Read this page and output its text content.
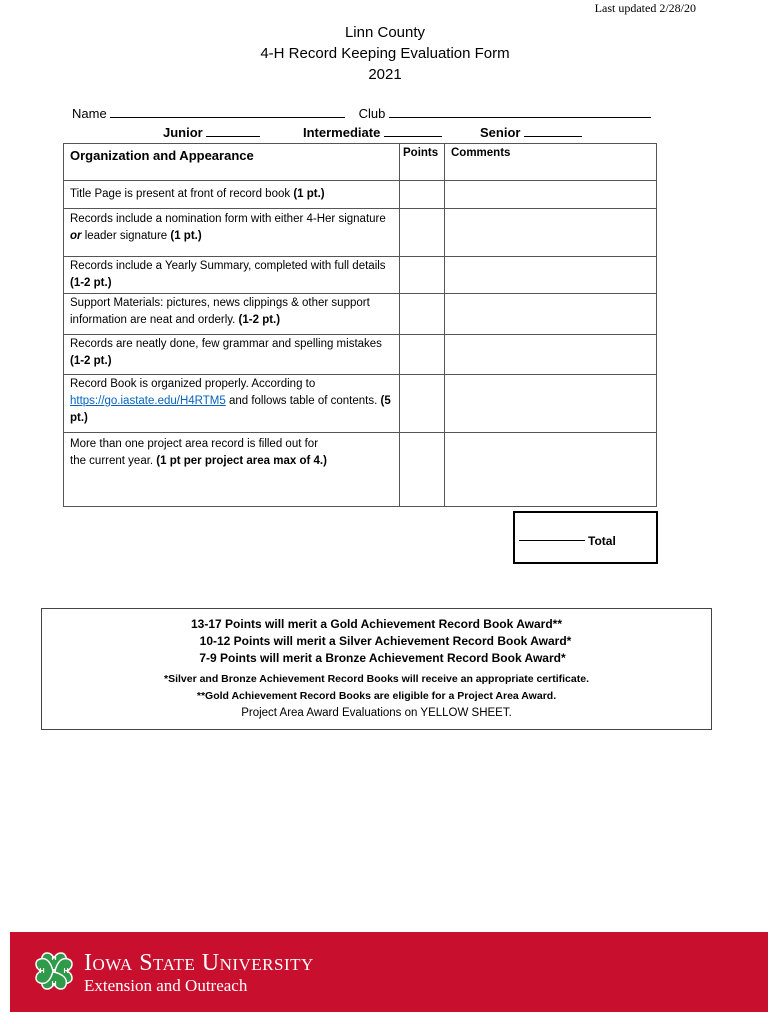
Last updated 2/28/20
Linn County
4-H Record Keeping Evaluation Form
2021
Name	Club
Junior	Intermediate	Senior
Organization and Appearance	Points	Comments
Title Page is present at front of record book (1 pt.)		
Records include a nomination form with either 4-Her signature or leader signature (1 pt.)		
Records include a Yearly Summary, completed with full details (1-2 pt.)		
Support Materials: pictures, news clippings & other support information are neat and orderly. (1-2 pt.)		
Records are neatly done, few grammar and spelling mistakes (1-2 pt.)		
Record Book is organized properly. According to https://go.iastate.edu/H4RTM5 and follows table of contents. (5 pt.)		
More than one project area record is filled out for the current year. (1 pt per project area max of 4.)		
Total
13-17 Points will merit a Gold Achievement Record Book Award**
10-12 Points will merit a Silver Achievement Record Book Award*
7-9 Points will merit a Bronze Achievement Record Book Award*
*Silver and Bronze Achievement Record Books will receive an appropriate certificate.
**Gold Achievement Record Books are eligible for a Project Area Award.
Project Area Award Evaluations on YELLOW SHEET.
H
H
H
H Iowa State University
Extension and Outreach
